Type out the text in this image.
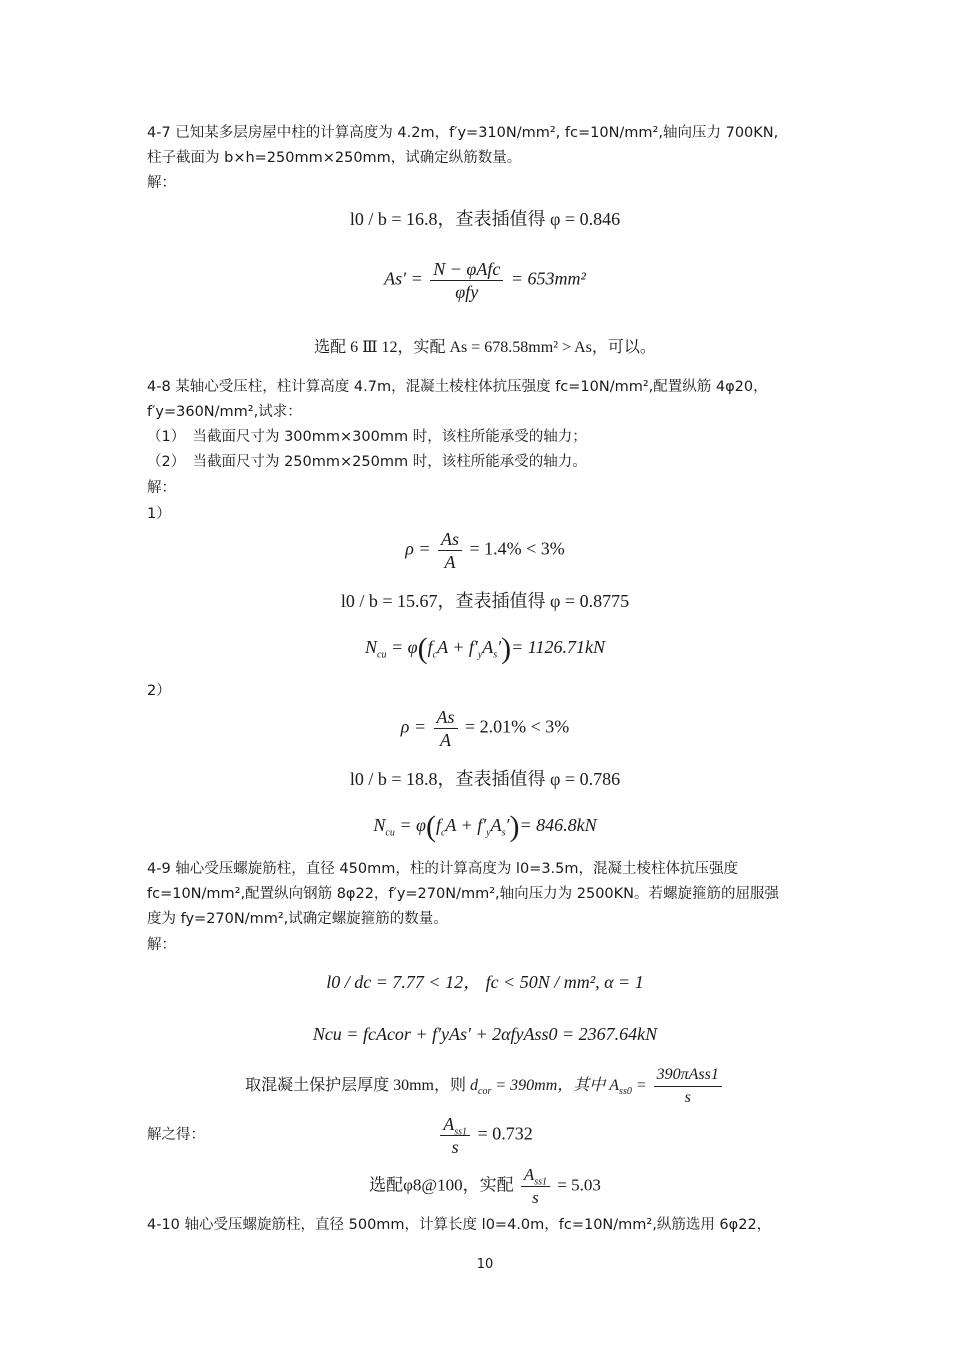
4-7 已知某多层房屋中柱的计算高度为 4.2m，f′y=310N/mm², fc=10N/mm²,轴向压力 700KN,
柱子截面为 b×h=250mm×250mm，试确定纵筋数量。
解：
l0 / b = 16.8，查表插值得 φ = 0.846
$As' = \frac{\text{N − φAfc}}{\text{φfy}} = 653mm^2$
选配 6 Ⅲ 12，实配 As = 678.58mm² > As，可以。
4-8 某轴心受压柱，柱计算高度 4.7m，混凝土棱柱体抗压强度 fc=10N/mm²,配置纵筋 4φ20，
f′y=360N/mm²,试求：
（1）　当截面尺寸为 300mm×300mm 时，该柱所能承受的轴力；
（2）　当截面尺寸为 250mm×250mm 时，该柱所能承受的轴力。
解：
1）
$\rho = \frac{As}{A} = 1.4\% < 3\%$
l0 / b = 15.67，查表插值得 φ = 0.8775
$N_{cu} = \varphi(f_cA + f'_yA_s')= 1126.71kN$
2）
$\rho = \frac{As}{A} = 2.01\% < 3\%$
l0 / b = 18.8，查表插值得 φ = 0.786
$N_{cu} = \varphi(f_cA + f'_yA_s')= 846.8kN$
4-9 轴心受压螺旋筋柱，直径 450mm，柱的计算高度为 l0=3.5m，混凝土棱柱体抗压强度
fc=10N/mm²,配置纵向钢筋 8φ22，f′y=270N/mm²,轴向压力为 2500KN。若螺旋箍筋的屈服强
度为 fy=270N/mm²,试确定螺旋箍筋的数量。
解：
l0 / dc = 7.77 < 12， fc < 50N / mm², α = 1
Ncu = fcAcor + f′yAs′ + 2αfyAss0 = 2367.64kN
取混凝土保护层厚度 30mm，则 $d_{cor} = 390mm$，其中 $A_{ss0} = \frac{\text{390πAss1}}{s}$
解之得：	$\frac{A_{ss1}}{s} = 0.732$
选配φ8@100，实配 $\frac{A_{ss1}}{s} = 5.03$
4-10 轴心受压螺旋筋柱，直径 500mm，计算长度 l0=4.0m，fc=10N/mm²,纵筋选用 6φ22，
10
